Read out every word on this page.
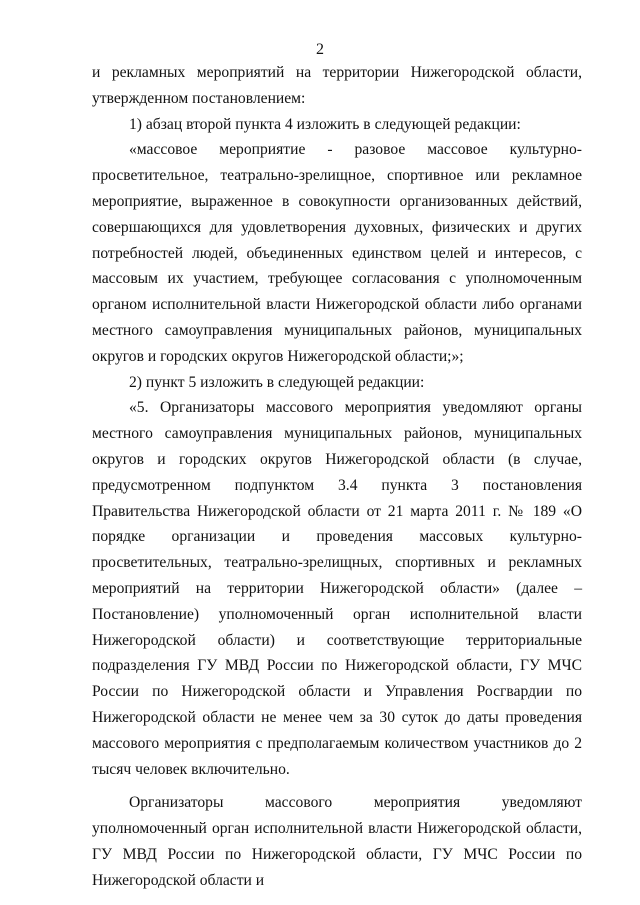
2

и рекламных мероприятий на территории Нижегородской области, утвержденном постановлением:

1) абзац второй пункта 4 изложить в следующей редакции:

«массовое мероприятие - разовое массовое культурно-просветительное, театрально-зрелищное, спортивное или рекламное мероприятие, выраженное в совокупности организованных действий, совершающихся для удовлетворения духовных, физических и других потребностей людей, объединенных единством целей и интересов, с массовым их участием, требующее согласования с уполномоченным органом исполнительной власти Нижегородской области либо органами местного самоуправления муниципальных районов, муниципальных округов и городских округов Нижегородской области;»;

2) пункт 5 изложить в следующей редакции:

«5. Организаторы массового мероприятия уведомляют органы местного самоуправления муниципальных районов, муниципальных округов и городских округов Нижегородской области (в случае, предусмотренном подпунктом 3.4 пункта 3 постановления Правительства Нижегородской области от 21 марта 2011 г. № 189 «О порядке организации и проведения массовых культурно-просветительных, театрально-зрелищных, спортивных и рекламных мероприятий на территории Нижегородской области» (далее – Постановление) уполномоченный орган исполнительной власти Нижегородской области) и соответствующие территориальные подразделения ГУ МВД России по Нижегородской области, ГУ МЧС России по Нижегородской области и Управления Росгвардии по Нижегородской области не менее чем за 30 суток до даты проведения массового мероприятия с предполагаемым количеством участников до 2 тысяч человек включительно.

Организаторы массового мероприятия уведомляют уполномоченный орган исполнительной власти Нижегородской области, ГУ МВД России по Нижегородской области, ГУ МЧС России по Нижегородской области и
